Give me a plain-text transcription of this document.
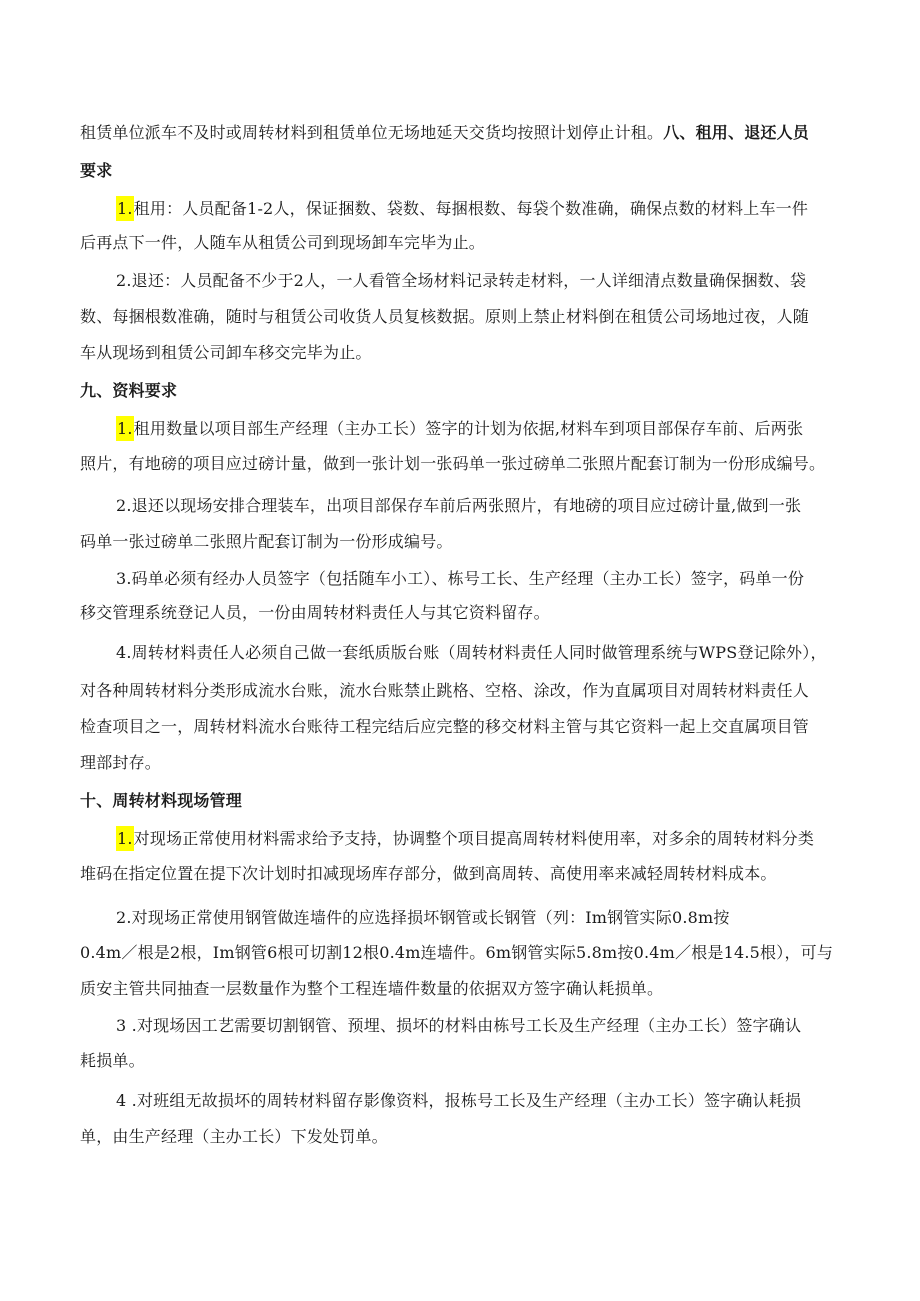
租赁单位派车不及时或周转材料到租赁单位无场地延天交货均按照计划停止计租。八、租用、退还人员
要求
1.租用：人员配备1-2人，保证捆数、袋数、每捆根数、每袋个数准确，确保点数的材料上车一件
后再点下一件，人随车从租赁公司到现场卸车完毕为止。
2.退还：人员配备不少于2人，一人看管全场材料记录转走材料，一人详细清点数量确保捆数、袋
数、每捆根数准确，随时与租赁公司收货人员复核数据。原则上禁止材料倒在租赁公司场地过夜，人随
车从现场到租赁公司卸车移交完毕为止。
九、资料要求
1.租用数量以项目部生产经理（主办工长）签字的计划为依据,材料车到项目部保存车前、后两张
照片，有地磅的项目应过磅计量，做到一张计划一张码单一张过磅单二张照片配套订制为一份形成编号。
2.退还以现场安排合理装车，出项目部保存车前后两张照片，有地磅的项目应过磅计量,做到一张
码单一张过磅单二张照片配套订制为一份形成编号。
3.码单必须有经办人员签字（包括随车小工）、栋号工长、生产经理（主办工长）签字，码单一份
移交管理系统登记人员，一份由周转材料责任人与其它资料留存。
4.周转材料责任人必须自己做一套纸质版台账（周转材料责任人同时做管理系统与WPS登记除外），
对各种周转材料分类形成流水台账，流水台账禁止跳格、空格、涂改，作为直属项目对周转材料责任人
检查项目之一，周转材料流水台账待工程完结后应完整的移交材料主管与其它资料一起上交直属项目管
理部封存。
十、周转材料现场管理
1.对现场正常使用材料需求给予支持，协调整个项目提高周转材料使用率，对多余的周转材料分类
堆码在指定位置在提下次计划时扣减现场库存部分，做到高周转、高使用率来减轻周转材料成本。
2.对现场正常使用钢管做连墙件的应选择损坏钢管或长钢管（列：Im钢管实际0.8m按
0.4m／根是2根，Im钢管6根可切割12根0.4m连墙件。6m钢管实际5.8m按0.4m／根是14.5根），可与
质安主管共同抽查一层数量作为整个工程连墙件数量的依据双方签字确认耗损单。
3 .对现场因工艺需要切割钢管、预埋、损坏的材料由栋号工长及生产经理（主办工长）签字确认
耗损单。
4 .对班组无故损坏的周转材料留存影像资料，报栋号工长及生产经理（主办工长）签字确认耗损
单，由生产经理（主办工长）下发处罚单。
